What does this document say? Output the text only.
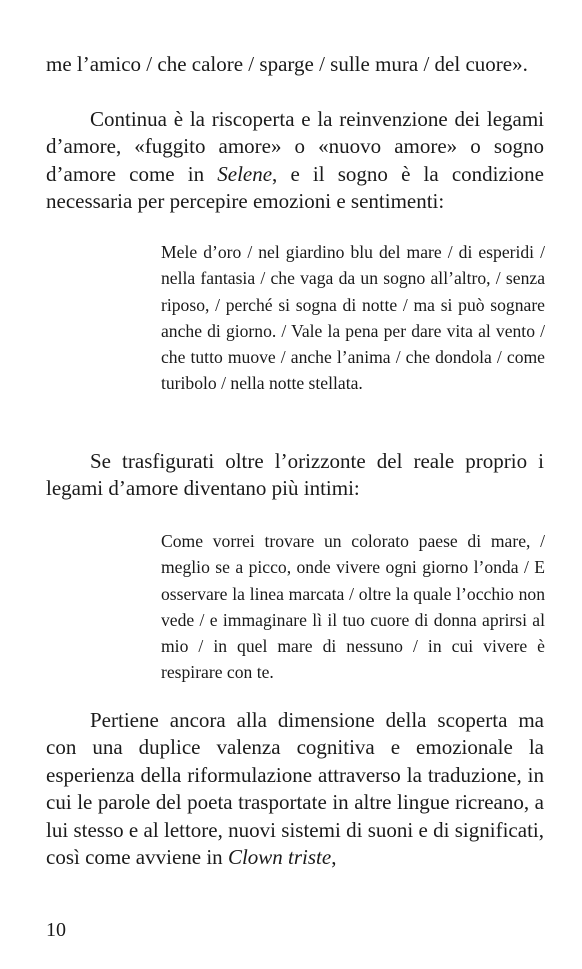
me l’amico / che calore / sparge / sulle mura / del cuore».

Continua è la riscoperta e la reinvenzione dei legami d’amore, «fuggito amore» o «nuovo amore» o sogno d’amore come in Selene, e il sogno è la condizione necessaria per percepire emozioni e sentimenti:

Mele d’oro / nel giardino blu del mare / di esperidi / nella fantasia / che vaga da un sogno all’altro, / senza riposo, / perché si sogna di notte / ma si può sognare anche di giorno. / Vale la pena per dare vita al vento / che tutto muove / anche l’anima / che dondola / come turibolo / nella notte stellata.

Se trasfigurati oltre l’orizzonte del reale proprio i legami d’amore diventano più intimi:

Come vorrei trovare un colorato paese di mare, / meglio se a picco, onde vivere ogni giorno l’onda / E osservare la linea marcata / oltre la quale l’occhio non vede / e immaginare lì il tuo cuore di donna aprirsi al mio / in quel mare di nessuno / in cui vivere è respirare con te.

Pertiene ancora alla dimensione della scoperta ma con una duplice valenza cognitiva e emozionale la esperienza della riformulazione attraverso la traduzione, in cui le parole del poeta trasportate in altre lingue ricreano, a lui stesso e al lettore, nuovi sistemi di suoni e di significati, così come avviene in Clown triste,

10
